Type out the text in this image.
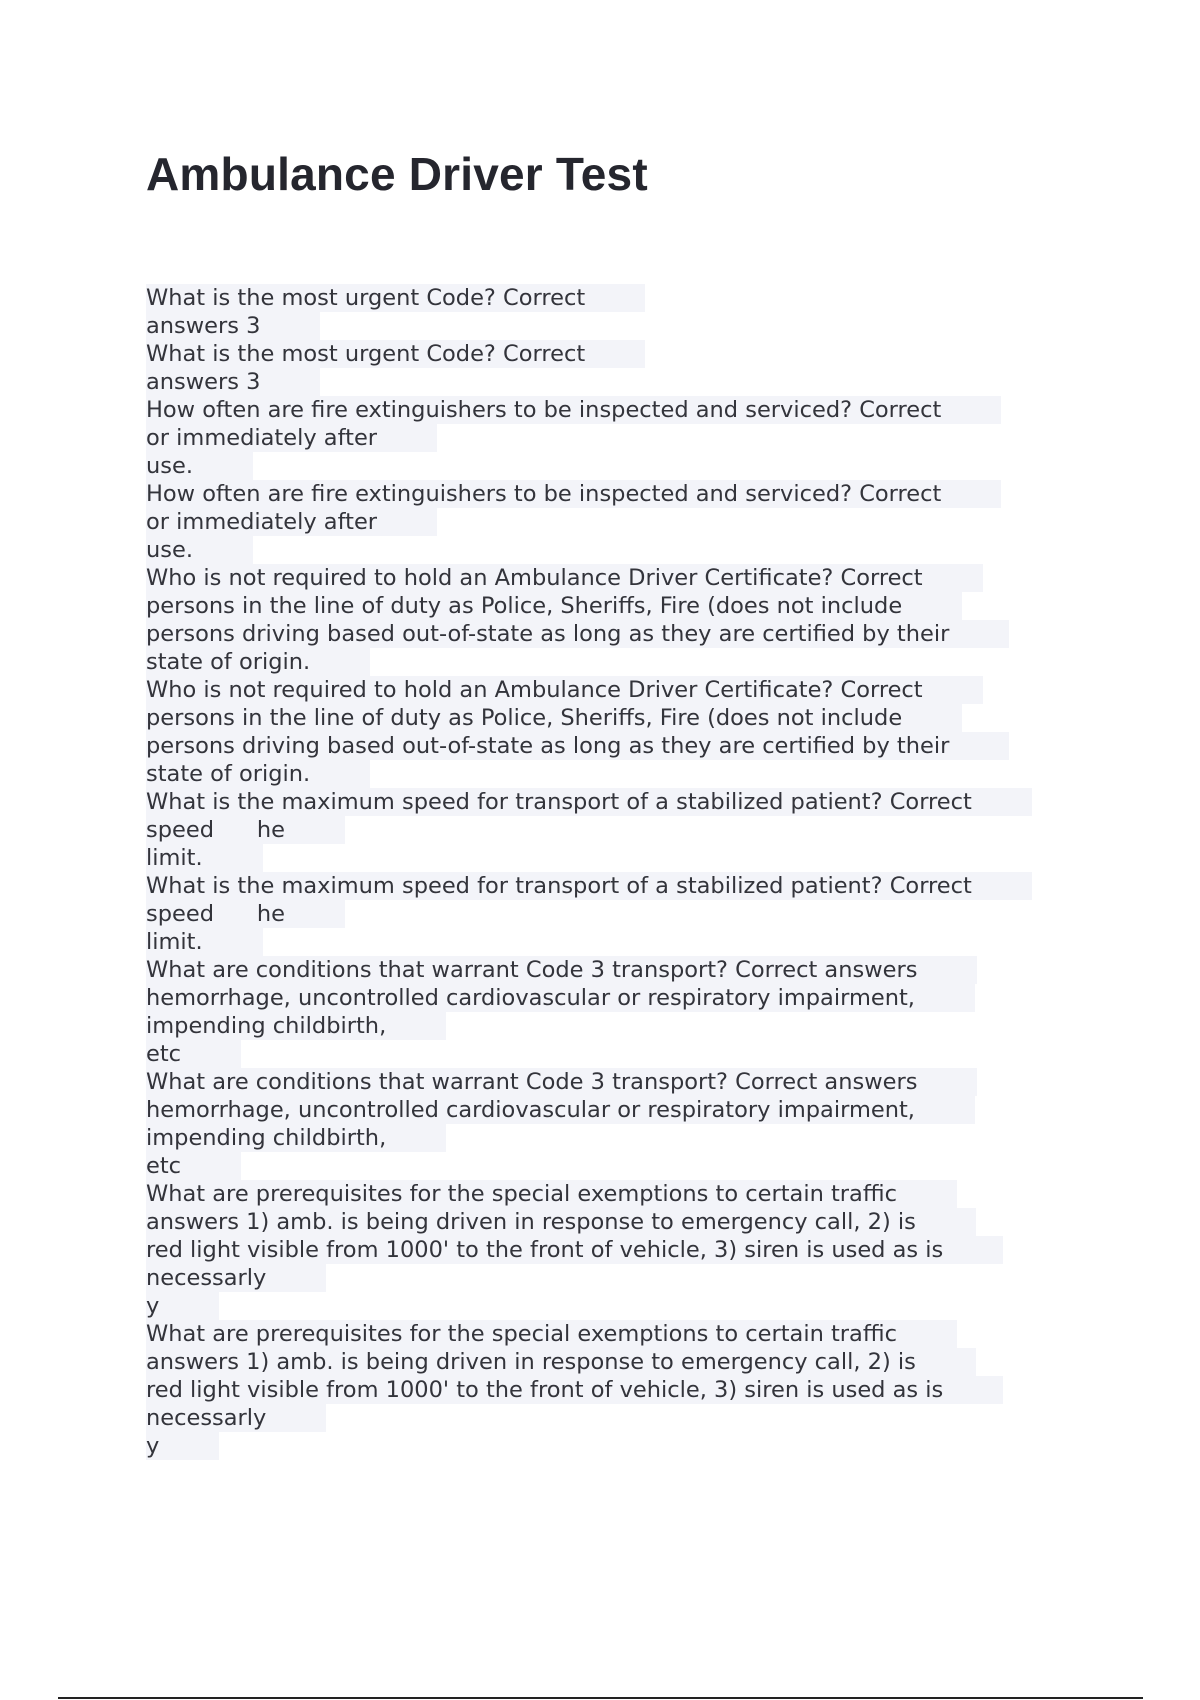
Ambulance Driver Test
What is the most urgent Code? Correct
answers 3
What is the most urgent Code? Correct
answers 3
How often are fire extinguishers to be inspected and serviced? Correct
or immediately after
use.
How often are fire extinguishers to be inspected and serviced? Correct
or immediately after
use.
Who is not required to hold an Ambulance Driver Certificate? Correct
persons in the line of duty as Police, Sheriffs, Fire (does not include
persons driving based out-of-state as long as they are certified by their
state of origin.
Who is not required to hold an Ambulance Driver Certificate? Correct
persons in the line of duty as Police, Sheriffs, Fire (does not include
persons driving based out-of-state as long as they are certified by their
state of origin.
What is the maximum speed for transport of a stabilized patient? Correct
speed      he
limit.
What is the maximum speed for transport of a stabilized patient? Correct
speed      he
limit.
What are conditions that warrant Code 3 transport? Correct answers
hemorrhage, uncontrolled cardiovascular or respiratory impairment,
impending childbirth,
etc
What are conditions that warrant Code 3 transport? Correct answers
hemorrhage, uncontrolled cardiovascular or respiratory impairment,
impending childbirth,
etc
What are prerequisites for the special exemptions to certain traffic
answers 1) amb. is being driven in response to emergency call, 2) is
red light visible from 1000' to the front of vehicle, 3) siren is used as is
necessarly
y
What are prerequisites for the special exemptions to certain traffic
answers 1) amb. is being driven in response to emergency call, 2) is
red light visible from 1000' to the front of vehicle, 3) siren is used as is
necessarly
y
